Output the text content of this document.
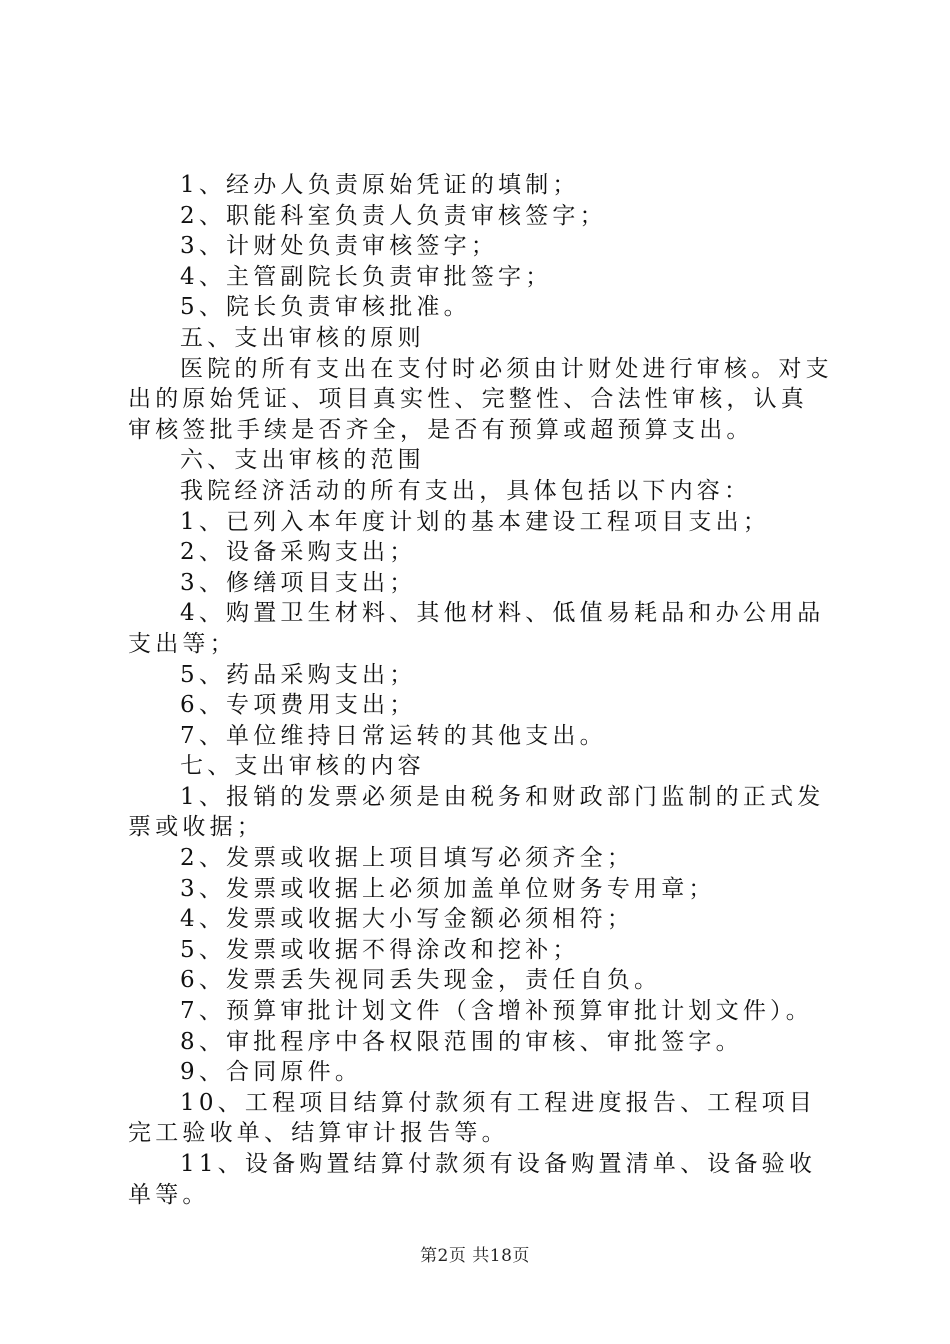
1、经办人负责原始凭证的填制；

2、职能科室负责人负责审核签字；

3、计财处负责审核签字；

4、主管副院长负责审批签字；

5、院长负责审核批准。

五、支出审核的原则

医院的所有支出在支付时必须由计财处进行审核。对支出的原始凭证、项目真实性、完整性、合法性审核，认真审核签批手续是否齐全，是否有预算或超预算支出。

六、支出审核的范围

我院经济活动的所有支出，具体包括以下内容：

1、已列入本年度计划的基本建设工程项目支出；

2、设备采购支出；

3、修缮项目支出；

4、购置卫生材料、其他材料、低值易耗品和办公用品支出等；

5、药品采购支出；

6、专项费用支出；

7、单位维持日常运转的其他支出。

七、支出审核的内容

1、报销的发票必须是由税务和财政部门监制的正式发票或收据；

2、发票或收据上项目填写必须齐全；

3、发票或收据上必须加盖单位财务专用章；

4、发票或收据大小写金额必须相符；

5、发票或收据不得涂改和挖补；

6、发票丢失视同丢失现金，责任自负。

7、预算审批计划文件（含增补预算审批计划文件）。

8、审批程序中各权限范围的审核、审批签字。

9、合同原件。

10、工程项目结算付款须有工程进度报告、工程项目完工验收单、结算审计报告等。

11、设备购置结算付款须有设备购置清单、设备验收单等。

第2页 共18页
